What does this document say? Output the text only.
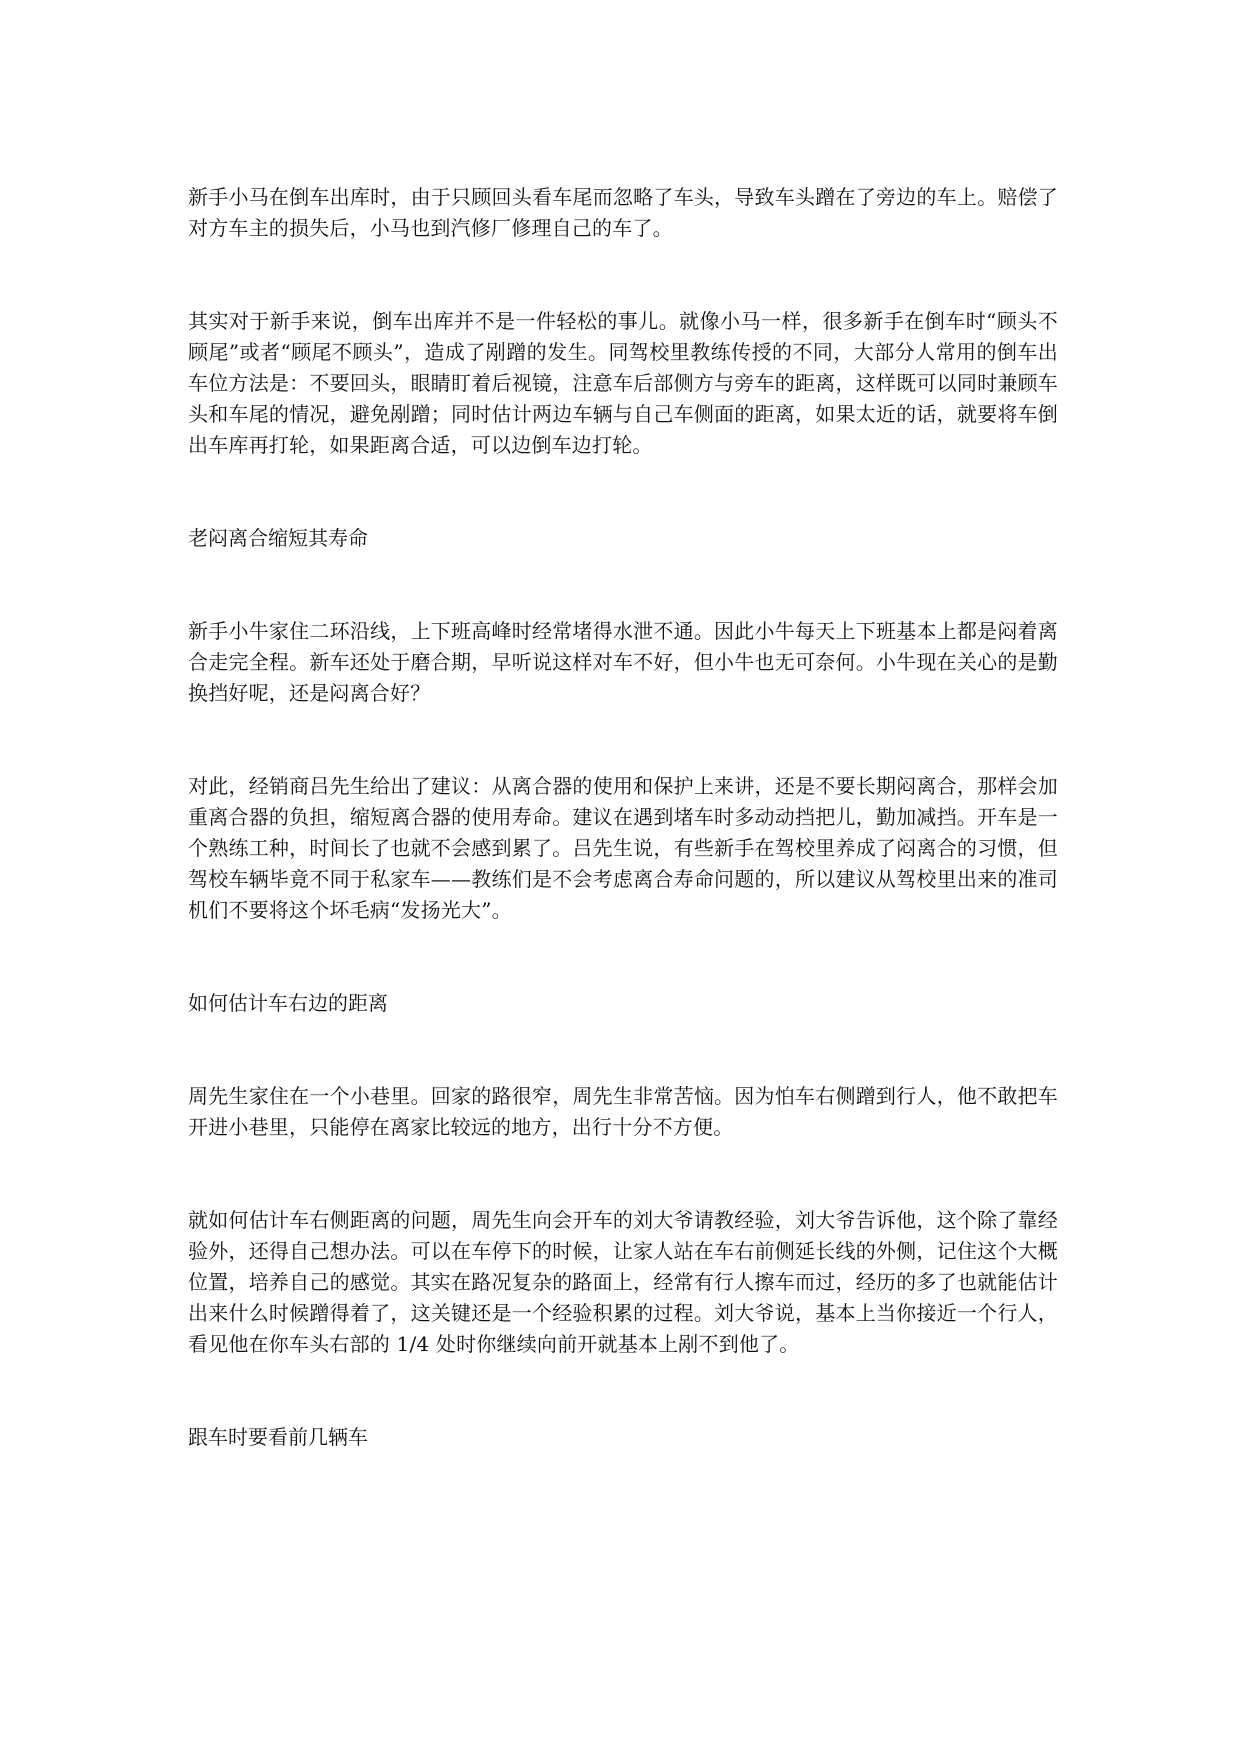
新手小马在倒车出库时，由于只顾回头看车尾而忽略了车头，导致车头蹭在了旁边的车上。赔偿了对方车主的损失后，小马也到汽修厂修理自己的车了。

其实对于新手来说，倒车出库并不是一件轻松的事儿。就像小马一样，很多新手在倒车时“顾头不顾尾”或者“顾尾不顾头”，造成了剐蹭的发生。同驾校里教练传授的不同，大部分人常用的倒车出车位方法是：不要回头，眼睛盯着后视镜，注意车后部侧方与旁车的距离，这样既可以同时兼顾车头和车尾的情况，避免剐蹭；同时估计两边车辆与自己车侧面的距离，如果太近的话，就要将车倒出车库再打轮，如果距离合适，可以边倒车边打轮。

老闷离合缩短其寿命

新手小牛家住二环沿线，上下班高峰时经常堵得水泄不通。因此小牛每天上下班基本上都是闷着离合走完全程。新车还处于磨合期，早听说这样对车不好，但小牛也无可奈何。小牛现在关心的是勤换挡好呢，还是闷离合好？

对此，经销商吕先生给出了建议：从离合器的使用和保护上来讲，还是不要长期闷离合，那样会加重离合器的负担，缩短离合器的使用寿命。建议在遇到堵车时多动动挡把儿，勤加减挡。开车是一个熟练工种，时间长了也就不会感到累了。吕先生说，有些新手在驾校里养成了闷离合的习惯，但驾校车辆毕竟不同于私家车——教练们是不会考虑离合寿命问题的，所以建议从驾校里出来的准司机们不要将这个坏毛病“发扬光大”。

如何估计车右边的距离

周先生家住在一个小巷里。回家的路很窄，周先生非常苦恼。因为怕车右侧蹭到行人，他不敢把车开进小巷里，只能停在离家比较远的地方，出行十分不方便。

就如何估计车右侧距离的问题，周先生向会开车的刘大爷请教经验，刘大爷告诉他，这个除了靠经验外，还得自己想办法。可以在车停下的时候，让家人站在车右前侧延长线的外侧，记住这个大概位置，培养自己的感觉。其实在路况复杂的路面上，经常有行人擦车而过，经历的多了也就能估计出来什么时候蹭得着了，这关键还是一个经验积累的过程。刘大爷说，基本上当你接近一个行人，看见他在你车头右部的 1/4 处时你继续向前开就基本上剐不到他了。

跟车时要看前几辆车
